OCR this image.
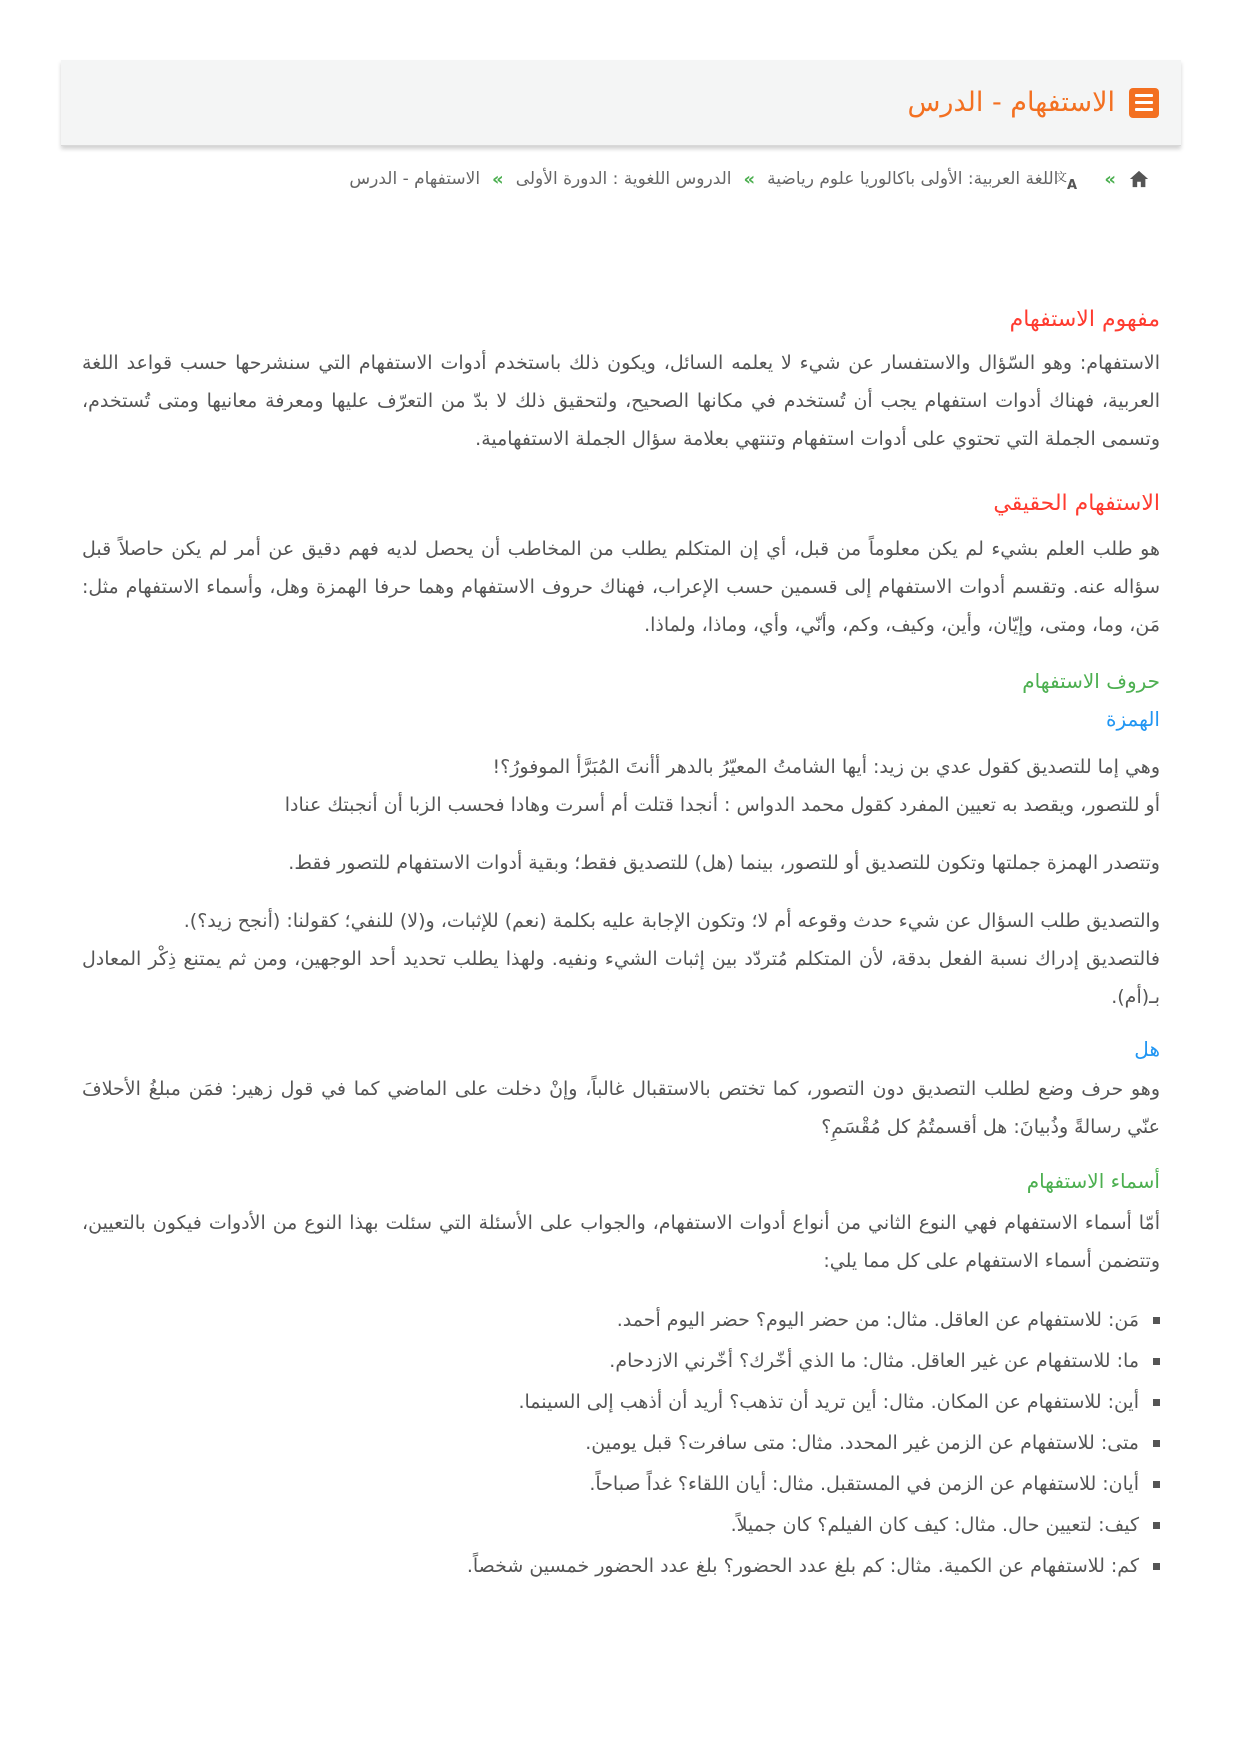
الاستفهام - الدرس
»
文
A
اللغة العربية: الأولى باكالوريا علوم رياضية
»
الدروس اللغوية : الدورة الأولى
»
الاستفهام - الدرس
مفهوم الاستفهام

الاستفهام: وهو السّؤال والاستفسار عن شيء لا يعلمه السائل، ويكون ذلك باستخدم أدوات الاستفهام التي سنشرحها حسب قواعد اللغة العربية، فهناك أدوات استفهام يجب أن تُستخدم في مكانها الصحيح، ولتحقيق ذلك لا بدّ من التعرّف عليها ومعرفة معانيها ومتى تُستخدم، وتسمى الجملة التي تحتوي على أدوات استفهام وتنتهي بعلامة سؤال الجملة الاستفهامية.

الاستفهام الحقيقي

هو طلب العلم بشيء لم يكن معلوماً من قبل، أي إن المتكلم يطلب من المخاطب أن يحصل لديه فهم دقيق عن أمر لم يكن حاصلاً قبل سؤاله عنه. وتقسم أدوات الاستفهام إلى قسمين حسب الإعراب، فهناك حروف الاستفهام وهما حرفا الهمزة وهل، وأسماء الاستفهام مثل: مَن، وما، ومتى، وإيّان، وأين، وكيف، وكم، وأنّي، وأي، وماذا، ولماذا.

حروف الاستفهام
الهمزة

وهي إما للتصديق كقول عدي بن زيد: أيها الشامتُ المعيّرُ بالدهر أأنتَ المُبَرَّأ الموفورُ؟!

أو للتصور، ويقصد به تعيين المفرد كقول محمد الدواس : أنجدا قتلت أم أسرت وهادا فحسب الزبا أن أنجبتك عنادا

وتتصدر الهمزة جملتها وتكون للتصديق أو للتصور، بينما (هل) للتصديق فقط؛ وبقية أدوات الاستفهام للتصور فقط.

والتصديق طلب السؤال عن شيء حدث وقوعه أم لا؛ وتكون الإجابة عليه بكلمة (نعم) للإثبات، و(لا) للنفي؛ كقولنا: (أنجح زيد؟).

فالتصديق إدراك نسبة الفعل بدقة، لأن المتكلم مُتردّد بين إثبات الشيء ونفيه. ولهذا يطلب تحديد أحد الوجهين، ومن ثم يمتنع ذِكْر المعادل بـ(أم).

هل

وهو حرف وضع لطلب التصديق دون التصور، كما تختص بالاستقبال غالباً، وإنْ دخلت على الماضي كما في قول زهير: فمَن مبلغُ الأحلافَ عنّي رسالةً وذُبيانَ: هل أقسمتُمُ كل مُقْسَمِ؟

أسماء الاستفهام

أمّا أسماء الاستفهام فهي النوع الثاني من أنواع أدوات الاستفهام، والجواب على الأسئلة التي سئلت بهذا النوع من الأدوات فيكون بالتعيين، وتتضمن أسماء الاستفهام على كل مما يلي:

مَن: للاستفهام عن العاقل. مثال: من حضر اليوم؟ حضر اليوم أحمد.
ما: للاستفهام عن غير العاقل. مثال: ما الذي أخّرك؟ أخّرني الازدحام.
أين: للاستفهام عن المكان. مثال: أين تريد أن تذهب؟ أريد أن أذهب إلى السينما.
متى: للاستفهام عن الزمن غير المحدد. مثال: متى سافرت؟ قبل يومين.
أيان: للاستفهام عن الزمن في المستقبل. مثال: أيان اللقاء؟ غداً صباحاً.
كيف: لتعيين حال. مثال: كيف كان الفيلم؟ كان جميلاً.
كم: للاستفهام عن الكمية. مثال: كم بلغ عدد الحضور؟ بلغ عدد الحضور خمسين شخصاً.
